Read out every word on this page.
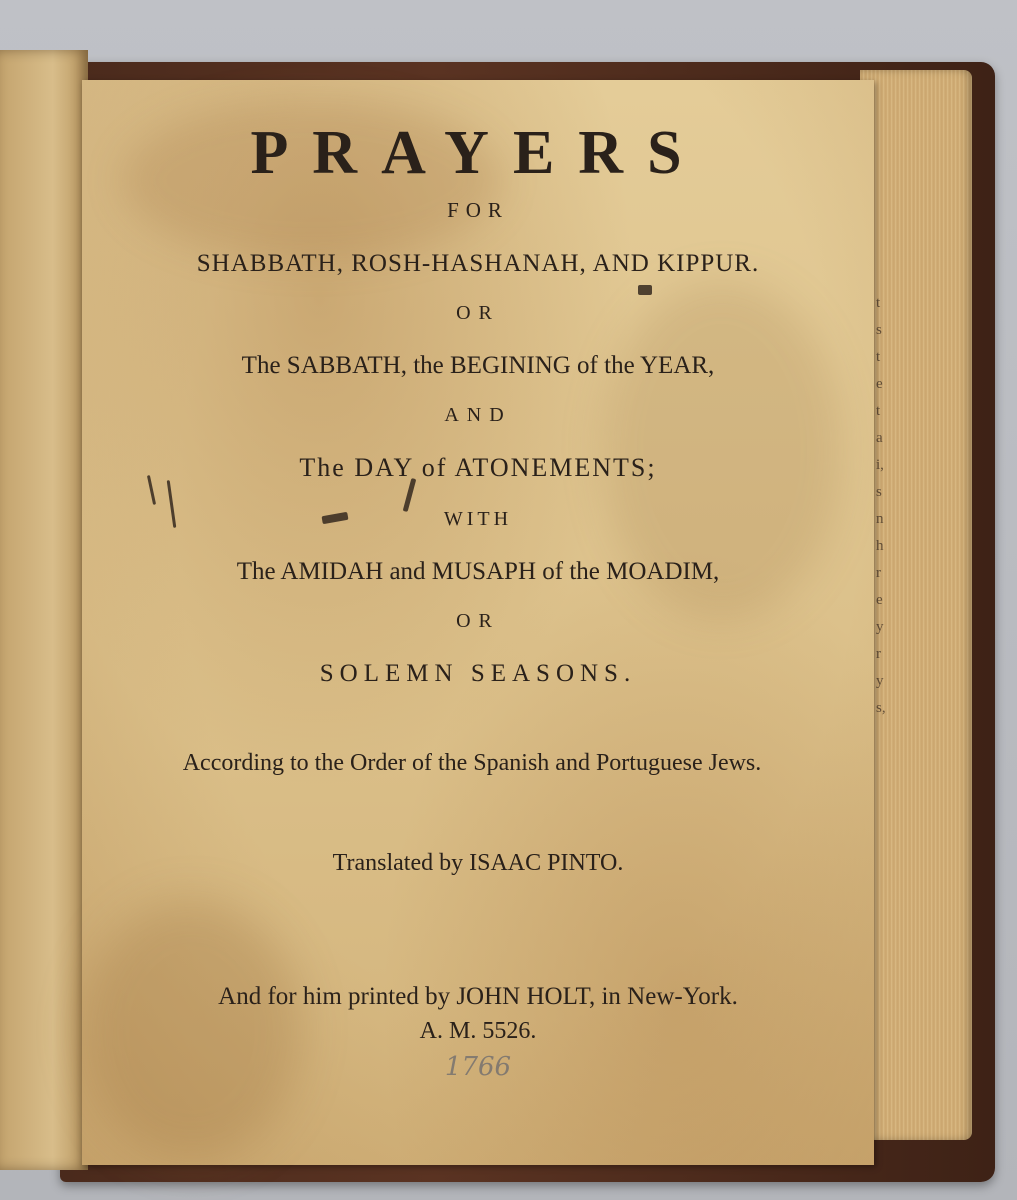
t
s
t
e
t
a
i,
s
n
h
r
e
y
r
y
s,
PRAYERS
FOR
SHABBATH, ROSH-HASHANAH, AND KIPPUR.
OR
The SABBATH, the BEGINING of the YEAR,
AND
The DAY of ATONEMENTS;
WITH
The AMIDAH and MUSAPH of the MOADIM,
OR
SOLEMN SEASONS.
According to the Order of the Spanish and Portuguese Jews.
Translated by ISAAC PINTO.
And for him printed by JOHN HOLT, in New-York.
A. M. 5526.
1766
